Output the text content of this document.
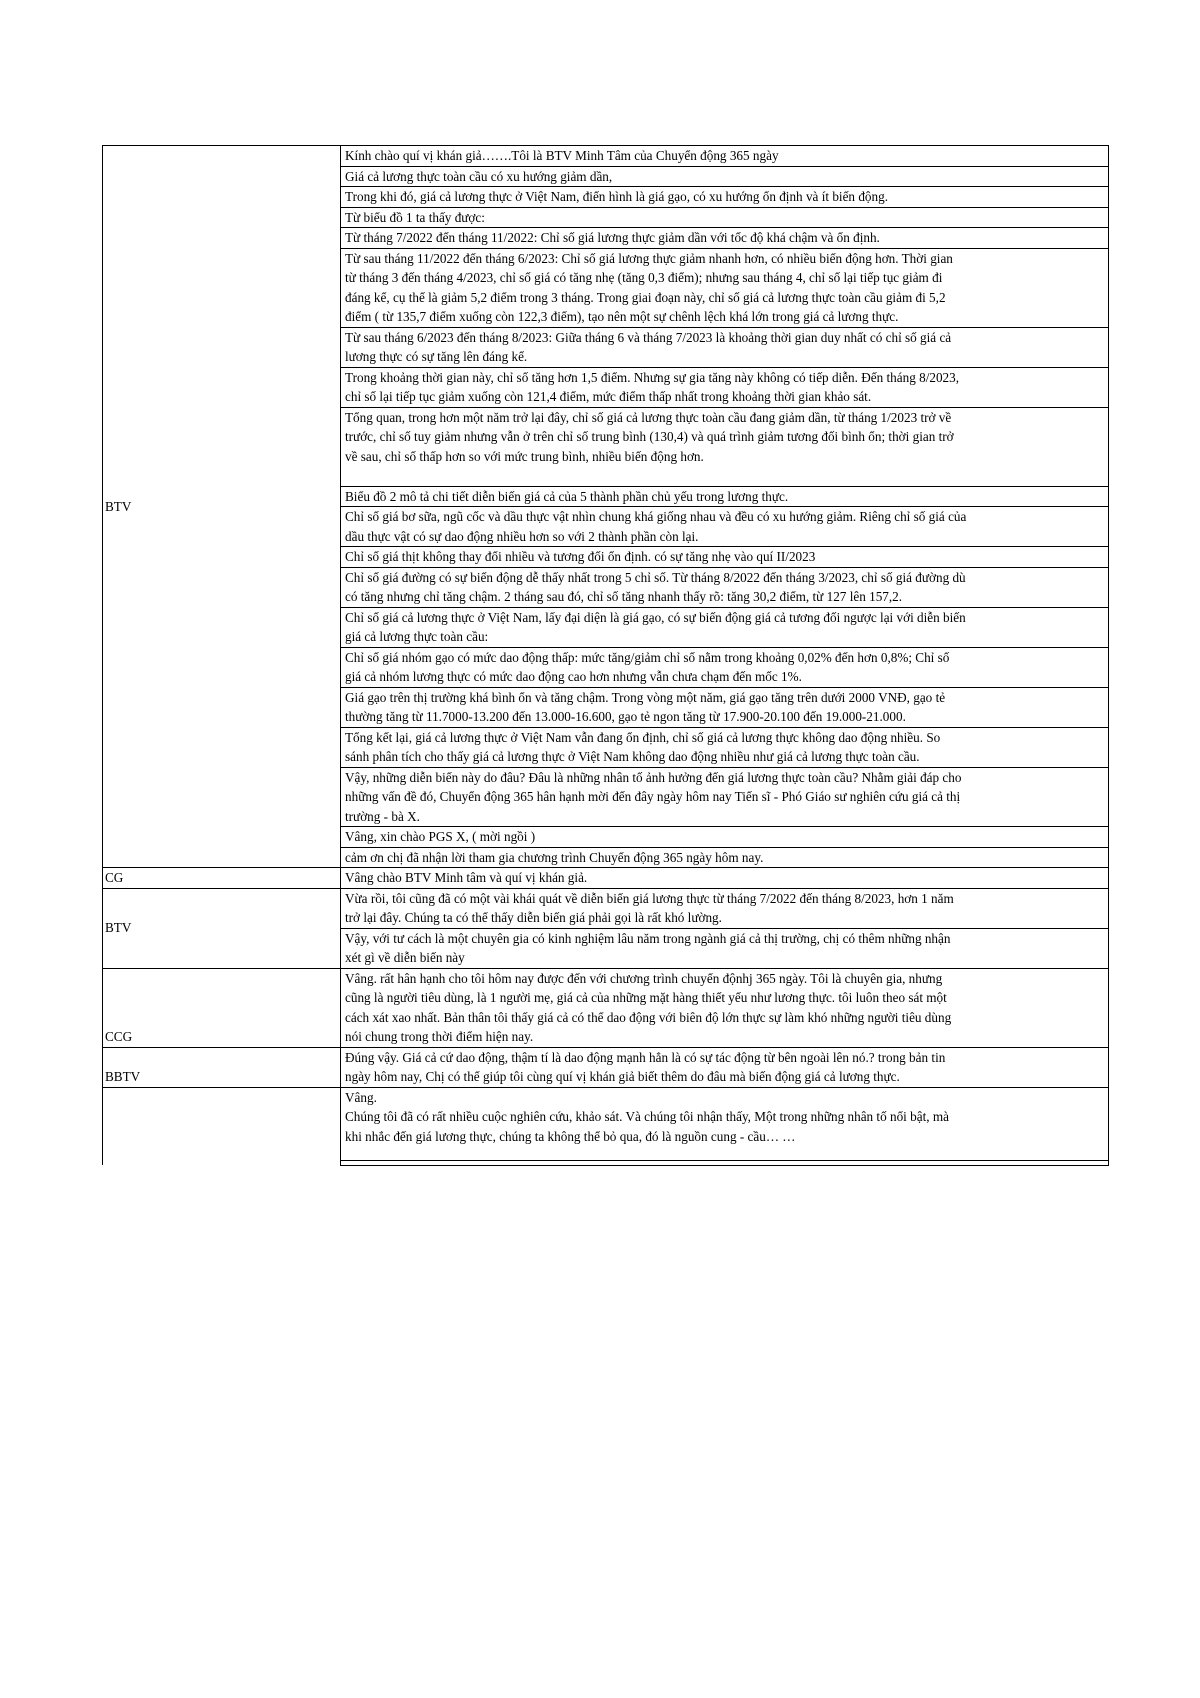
BTV	Kính chào quí vị khán giả…….Tôi là BTV Minh Tâm của Chuyển động 365 ngày

	Giá cả lương thực toàn cầu có xu hướng giảm dần,

	Trong khi đó, giá cả lương thực ở Việt Nam, điển hình là giá gạo, có xu hướng ổn định và ít biến động.

	Từ biểu đồ 1 ta thấy được:

	Từ tháng 7/2022 đến tháng 11/2022: Chỉ số giá lương thực giảm dần với tốc độ khá chậm và ổn định.

	Từ sau tháng 11/2022 đến tháng 6/2023: Chỉ số giá lương thực giảm nhanh hơn, có nhiều biến động hơn. Thời gian
từ tháng 3 đến tháng 4/2023, chỉ số giá có tăng nhẹ (tăng 0,3 điểm); nhưng sau tháng 4, chỉ số lại tiếp tục giảm đi
đáng kể, cụ thể là giảm 5,2 điểm trong 3 tháng. Trong giai đoạn này, chỉ số giá cả lương thực toàn cầu giảm đi 5,2
điểm ( từ 135,7 điểm xuống còn 122,3 điểm), tạo nên một sự chênh lệch khá lớn trong giá cả lương thực.

	Từ sau tháng 6/2023 đến tháng 8/2023: Giữa tháng 6 và tháng 7/2023 là khoảng thời gian duy nhất có chỉ số giá cả
lương thực có sự tăng lên đáng kể.

	Trong khoảng thời gian này, chỉ số tăng hơn 1,5 điểm. Nhưng sự gia tăng này không có tiếp diễn. Đến tháng 8/2023,
chỉ số lại tiếp tục giảm xuống còn 121,4 điểm, mức điểm thấp nhất trong khoảng thời gian khảo sát.

	Tổng quan, trong hơn một năm trở lại đây, chỉ số giá cả lương thực toàn cầu đang giảm dần, từ tháng 1/2023 trở về
trước, chỉ số tuy giảm nhưng vẫn ở trên chỉ số trung bình (130,4) và quá trình giảm tương đối bình ổn; thời gian trở
về sau, chỉ số thấp hơn so với mức trung bình, nhiều biến động hơn.

	Biểu đồ 2 mô tả chi tiết diễn biến giá cả của 5 thành phần chủ yếu trong lương thực.

	Chỉ số giá bơ sữa, ngũ cốc và dầu thực vật nhìn chung khá giống nhau và đều có xu hướng giảm. Riêng chỉ số giá của
dầu thực vật có sự dao động nhiều hơn so với 2 thành phần còn lại.

	Chỉ số giá thịt không thay đổi nhiều và tương đối ổn định. có sự tăng nhẹ vào quí II/2023

	Chỉ số giá đường có sự biến động dễ thấy nhất trong 5 chỉ số. Từ tháng 8/2022 đến tháng 3/2023, chỉ số giá đường dù
có tăng nhưng chỉ tăng chậm. 2 tháng sau đó, chỉ số tăng nhanh thấy rõ: tăng 30,2 điểm, từ 127 lên 157,2.

	Chỉ số giá cả lương thực ở Việt Nam, lấy đại diện là giá gạo, có sự biến động giá cả tương đối ngược lại với diễn biến
giá cả lương thực toàn cầu:

	Chỉ số giá nhóm gạo có mức dao động thấp: mức tăng/giảm chỉ số nằm trong khoảng 0,02% đến hơn 0,8%; Chỉ số
giá cả nhóm lương thực có mức dao động cao hơn nhưng vẫn chưa chạm đến mốc 1%.

	Giá gạo trên thị trường khá bình ổn và tăng chậm. Trong vòng một năm, giá gạo tăng trên dưới 2000 VNĐ, gạo tẻ
thường tăng từ 11.7000-13.200 đến 13.000-16.600, gạo tẻ ngon tăng từ 17.900-20.100 đến 19.000-21.000.

	Tổng kết lại, giá cả lương thực ở Việt Nam vẫn đang ổn định, chỉ số giá cả lương thực không dao động nhiều. So
sánh phân tích cho thấy giá cả lương thực ở Việt Nam không dao động nhiều như giá cả lương thực toàn cầu.

	Vậy, những diễn biến này do đâu? Đâu là những nhân tố ảnh hưởng đến giá lương thực toàn cầu? Nhằm giải đáp cho
những vấn đề đó, Chuyển động 365 hân hạnh mời đến đây ngày hôm nay Tiến sĩ - Phó Giáo sư nghiên cứu giá cả thị
trường - bà X.

	Vâng, xin chào PGS X, ( mời ngồi )

	cảm ơn chị đã nhận lời tham gia chương trình Chuyển động 365 ngày hôm nay.

CG	Vâng chào BTV Minh tâm và quí vị khán giả.

BTV	Vừa rồi, tôi cũng đã có một vài khái quát về diễn biến giá lương thực từ tháng 7/2022 đến tháng 8/2023, hơn 1 năm
trở lại đây. Chúng ta có thể thấy diễn biến giá phải gọi là rất khó lường.

	Vậy, với tư cách là một chuyên gia có kinh nghiệm lâu năm trong ngành giá cả thị trường, chị có thêm những nhận
xét gì về diễn biến này

CCG	Vâng. rất hân hạnh cho tôi hôm nay được đến với chương trình chuyển độnhj 365 ngày. Tôi là chuyên gia, nhưng
cũng là người tiêu dùng, là 1 người mẹ, giá cả của những mặt hàng thiết yếu như lương thực. tôi luôn theo sát một
cách xát xao nhất. Bản thân tôi thấy giá cả có thể dao động với biên độ lớn thực sự làm khó những người tiêu dùng
nói chung trong thời điểm hiện nay.

BBTV	Đúng vậy. Giá cả cứ dao động, thậm tí là dao động mạnh hẳn là có sự tác động từ bên ngoài lên nó.? trong bản tin
ngày hôm nay, Chị có thể giúp tôi cùng quí vị khán giả biết thêm do đâu mà biến động giá cả lương thực.

	Vâng.
Chúng tôi đã có rất nhiều cuộc nghiên cứu, khảo sát. Và chúng tôi nhận thấy, Một trong những nhân tố nổi bật, mà
khi nhắc đến giá lương thực, chúng ta không thể bỏ qua, đó là nguồn cung - cầu… …
